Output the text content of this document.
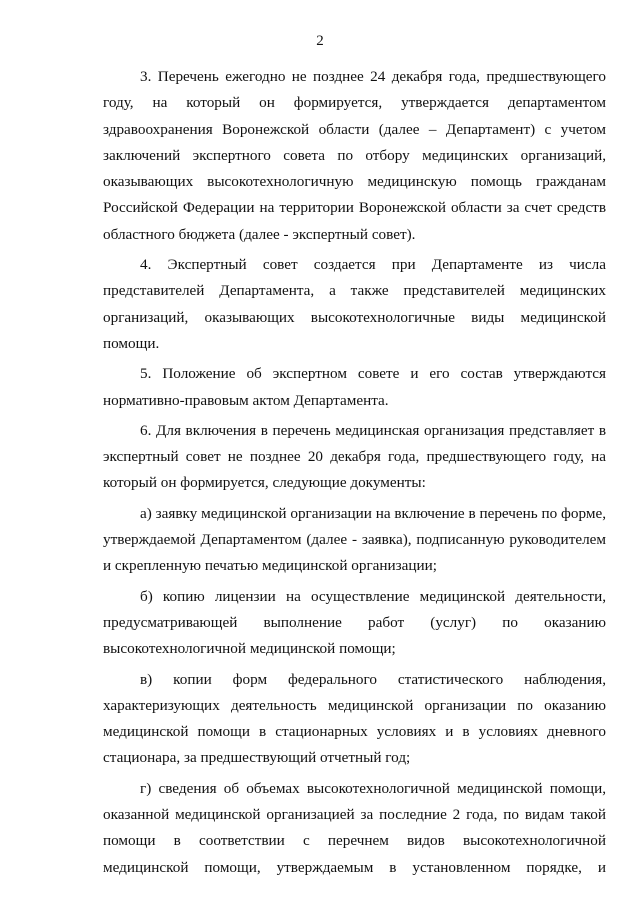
2

3. Перечень ежегодно не позднее 24 декабря года, предшествующего
году, на который он формируется, утверждается департаментом
здравоохранения Воронежской области (далее – Департамент) с учетом
заключений экспертного совета по отбору медицинских организаций,
оказывающих высокотехнологичную медицинскую помощь гражданам
Российской Федерации на территории Воронежской области за счет средств
областного бюджета (далее - экспертный совет).

4. Экспертный совет создается при Департаменте из числа
представителей Департамента, а также представителей медицинских
организаций, оказывающих высокотехнологичные виды медицинской
помощи.

5. Положение об экспертном совете и его состав утверждаются
нормативно-правовым актом Департамента.

6. Для включения в перечень медицинская организация представляет в
экспертный совет не позднее 20 декабря года, предшествующего году, на
который он формируется, следующие документы:

а) заявку медицинской организации на включение в перечень по форме,
утверждаемой Департаментом (далее - заявка), подписанную руководителем
и скрепленную печатью медицинской организации;

б) копию лицензии на осуществление медицинской деятельности,
предусматривающей выполнение работ (услуг) по оказанию
высокотехнологичной медицинской помощи;

в) копии форм федерального статистического наблюдения,
характеризующих деятельность медицинской организации по оказанию
медицинской помощи в стационарных условиях и в условиях дневного
стационара, за предшествующий отчетный год;

г) сведения об объемах высокотехнологичной медицинской помощи,
оказанной медицинской организацией за последние 2 года, по видам такой
помощи в соответствии с перечнем видов высокотехнологичной
медицинской помощи, утверждаемым в установленном порядке, и
